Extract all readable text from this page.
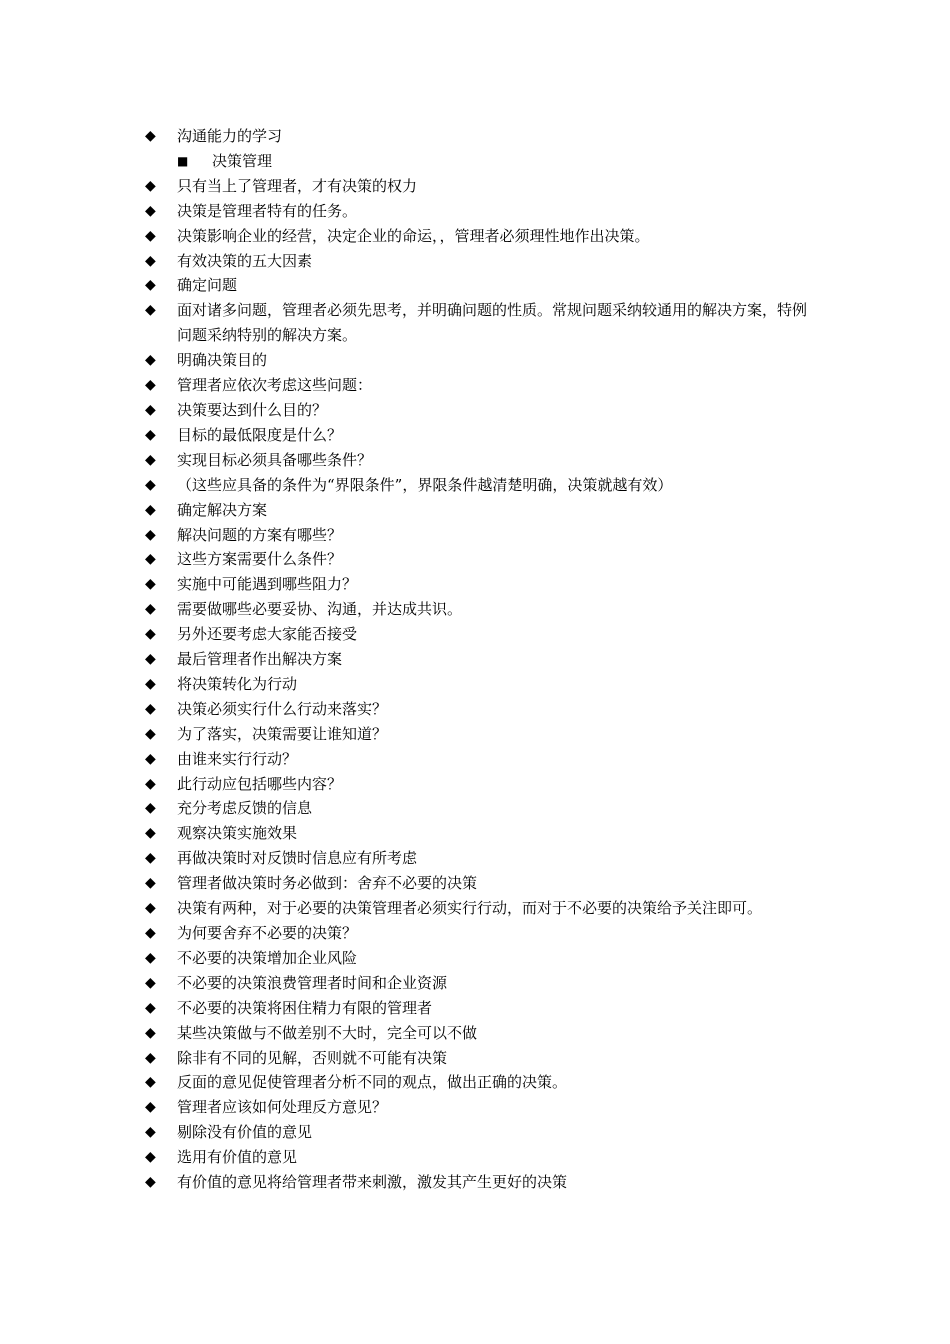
◆	沟通能力的学习
■	决策管理
◆	只有当上了管理者，才有决策的权力
◆	决策是管理者特有的任务。
◆	决策影响企业的经营，决定企业的命运，，管理者必须理性地作出决策。
◆	有效决策的五大因素
◆	确定问题
◆	面对诸多问题，管理者必须先思考，并明确问题的性质。常规问题采纳较通用的解决方案，特例问题采纳特别的解决方案。
◆	明确决策目的
◆	管理者应依次考虑这些问题：
◆	决策要达到什么目的？
◆	目标的最低限度是什么？
◆	实现目标必须具备哪些条件？
◆	（这些应具备的条件为“界限条件”，界限条件越清楚明确，决策就越有效）
◆	确定解决方案
◆	解决问题的方案有哪些？
◆	这些方案需要什么条件？
◆	实施中可能遇到哪些阻力？
◆	需要做哪些必要妥协、沟通，并达成共识。
◆	另外还要考虑大家能否接受
◆	最后管理者作出解决方案
◆	将决策转化为行动
◆	决策必须实行什么行动来落实？
◆	为了落实，决策需要让谁知道？
◆	由谁来实行行动？
◆	此行动应包括哪些内容？
◆	充分考虑反馈的信息
◆	观察决策实施效果
◆	再做决策时对反馈时信息应有所考虑
◆	管理者做决策时务必做到：舍弃不必要的决策
◆	决策有两种，对于必要的决策管理者必须实行行动，而对于不必要的决策给予关注即可。
◆	为何要舍弃不必要的决策？
◆	不必要的决策增加企业风险
◆	不必要的决策浪费管理者时间和企业资源
◆	不必要的决策将困住精力有限的管理者
◆	某些决策做与不做差别不大时，完全可以不做
◆	除非有不同的见解，否则就不可能有决策
◆	反面的意见促使管理者分析不同的观点，做出正确的决策。
◆	管理者应该如何处理反方意见？
◆	剔除没有价值的意见
◆	选用有价值的意见
◆	有价值的意见将给管理者带来刺激，激发其产生更好的决策
